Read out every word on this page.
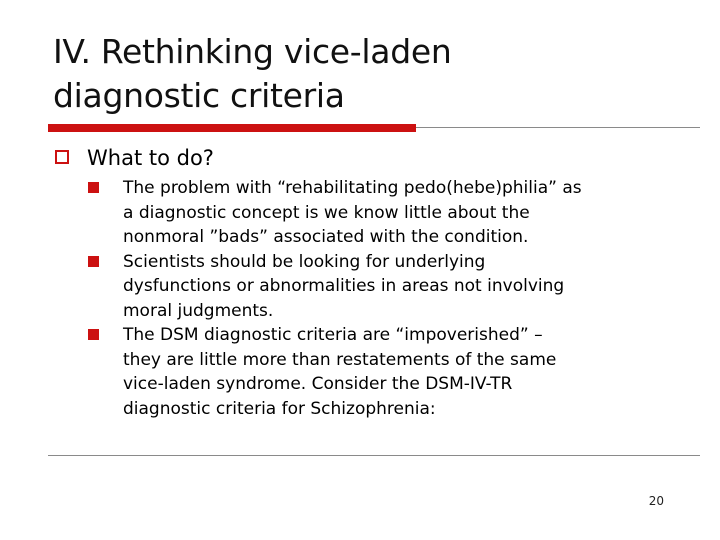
IV. Rethinking vice-laden
diagnostic criteria
What to do?
The problem with “rehabilitating pedo(hebe)philia” as
a diagnostic concept is we know little about the
nonmoral ”bads” associated with the condition.
Scientists should be looking for underlying
dysfunctions or abnormalities in areas not involving
moral judgments.
The DSM diagnostic criteria are “impoverished” –
they are little more than restatements of the same
vice-laden syndrome. Consider the DSM-IV-TR
diagnostic criteria for Schizophrenia:
20
